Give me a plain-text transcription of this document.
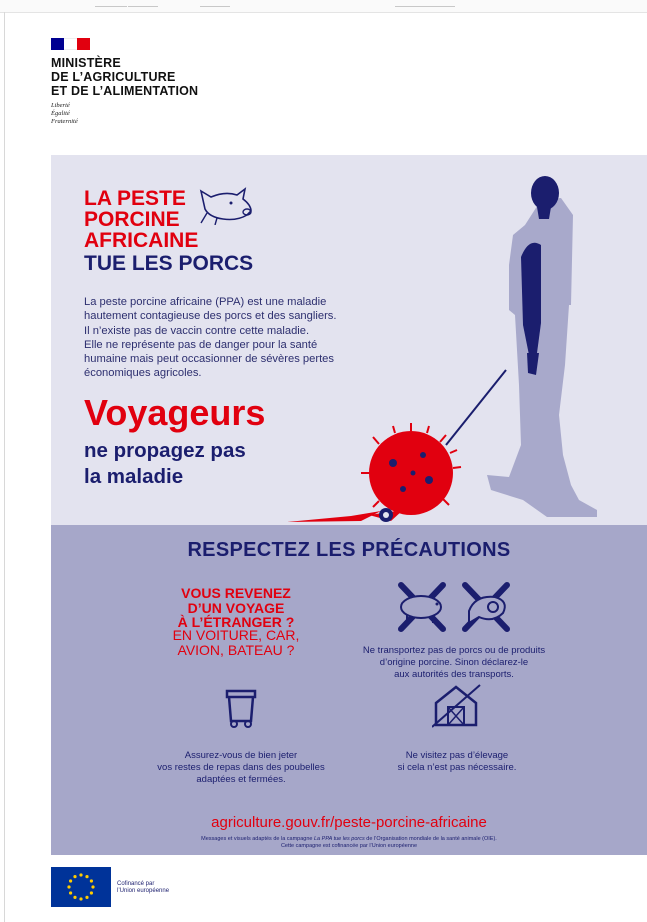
MINISTÈRE
DE L’AGRICULTURE
ET DE L’ALIMENTATION
Liberté
Égalité
Fraternité
LA PESTE
PORCINE
AFRICAINE
TUE LES PORCS
La peste porcine africaine (PPA) est une maladie
hautement contagieuse des porcs et des sangliers.
Il n’existe pas de vaccin contre cette maladie.
Elle ne représente pas de danger pour la santé
humaine mais peut occasionner de sévères pertes
économiques agricoles.
Voyageurs
ne propagez pas
la maladie
RESPECTEZ LES PRÉCAUTIONS
VOUS REVENEZ
D’UN VOYAGE
À L’ÉTRANGER ?
EN VOITURE, CAR,
AVION, BATEAU ?	Ne transportez pas de porcs ou de produits
d’origine porcine. Sinon déclarez-le
aux autorités des transports.
Assurez-vous de bien jeter
vos restes de repas dans des poubelles
adaptées et fermées.
Ne visitez pas d’élevage
si cela n’est pas nécessaire.
agriculture.gouv.fr/peste-porcine-africaine
Messages et visuels adaptés de la campagne La PPA tue les porcs de l’Organisation mondiale de la santé animale (OIE).
Cette campagne est cofinancée par l’Union européenne
Cofinancé par
l’Union européenne
